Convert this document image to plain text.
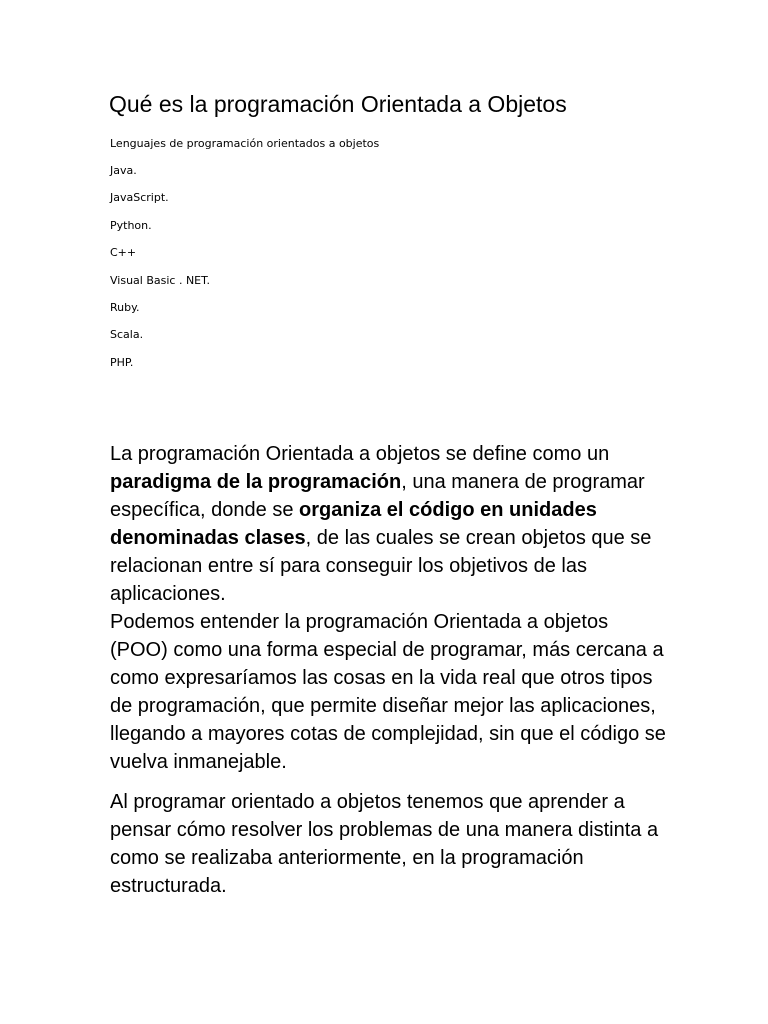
Qué es la programación Orientada a Objetos
Lenguajes de programación orientados a objetos
Java.
JavaScript.
Python.
C++
Visual Basic . NET.
Ruby.
Scala.
PHP.

La programación Orientada a objetos se define como un paradigma de la programación, una manera de programar específica, donde se organiza el código en unidades denominadas clases, de las cuales se crean objetos que se relacionan entre sí para conseguir los objetivos de las aplicaciones.

Podemos entender la programación Orientada a objetos (POO) como una forma especial de programar, más cercana a como expresaríamos las cosas en la vida real que otros tipos de programación, que permite diseñar mejor las aplicaciones, llegando a mayores cotas de complejidad, sin que el código se vuelva inmanejable.

Al programar orientado a objetos tenemos que aprender a pensar cómo resolver los problemas de una manera distinta a como se realizaba anteriormente, en la programación estructurada.
